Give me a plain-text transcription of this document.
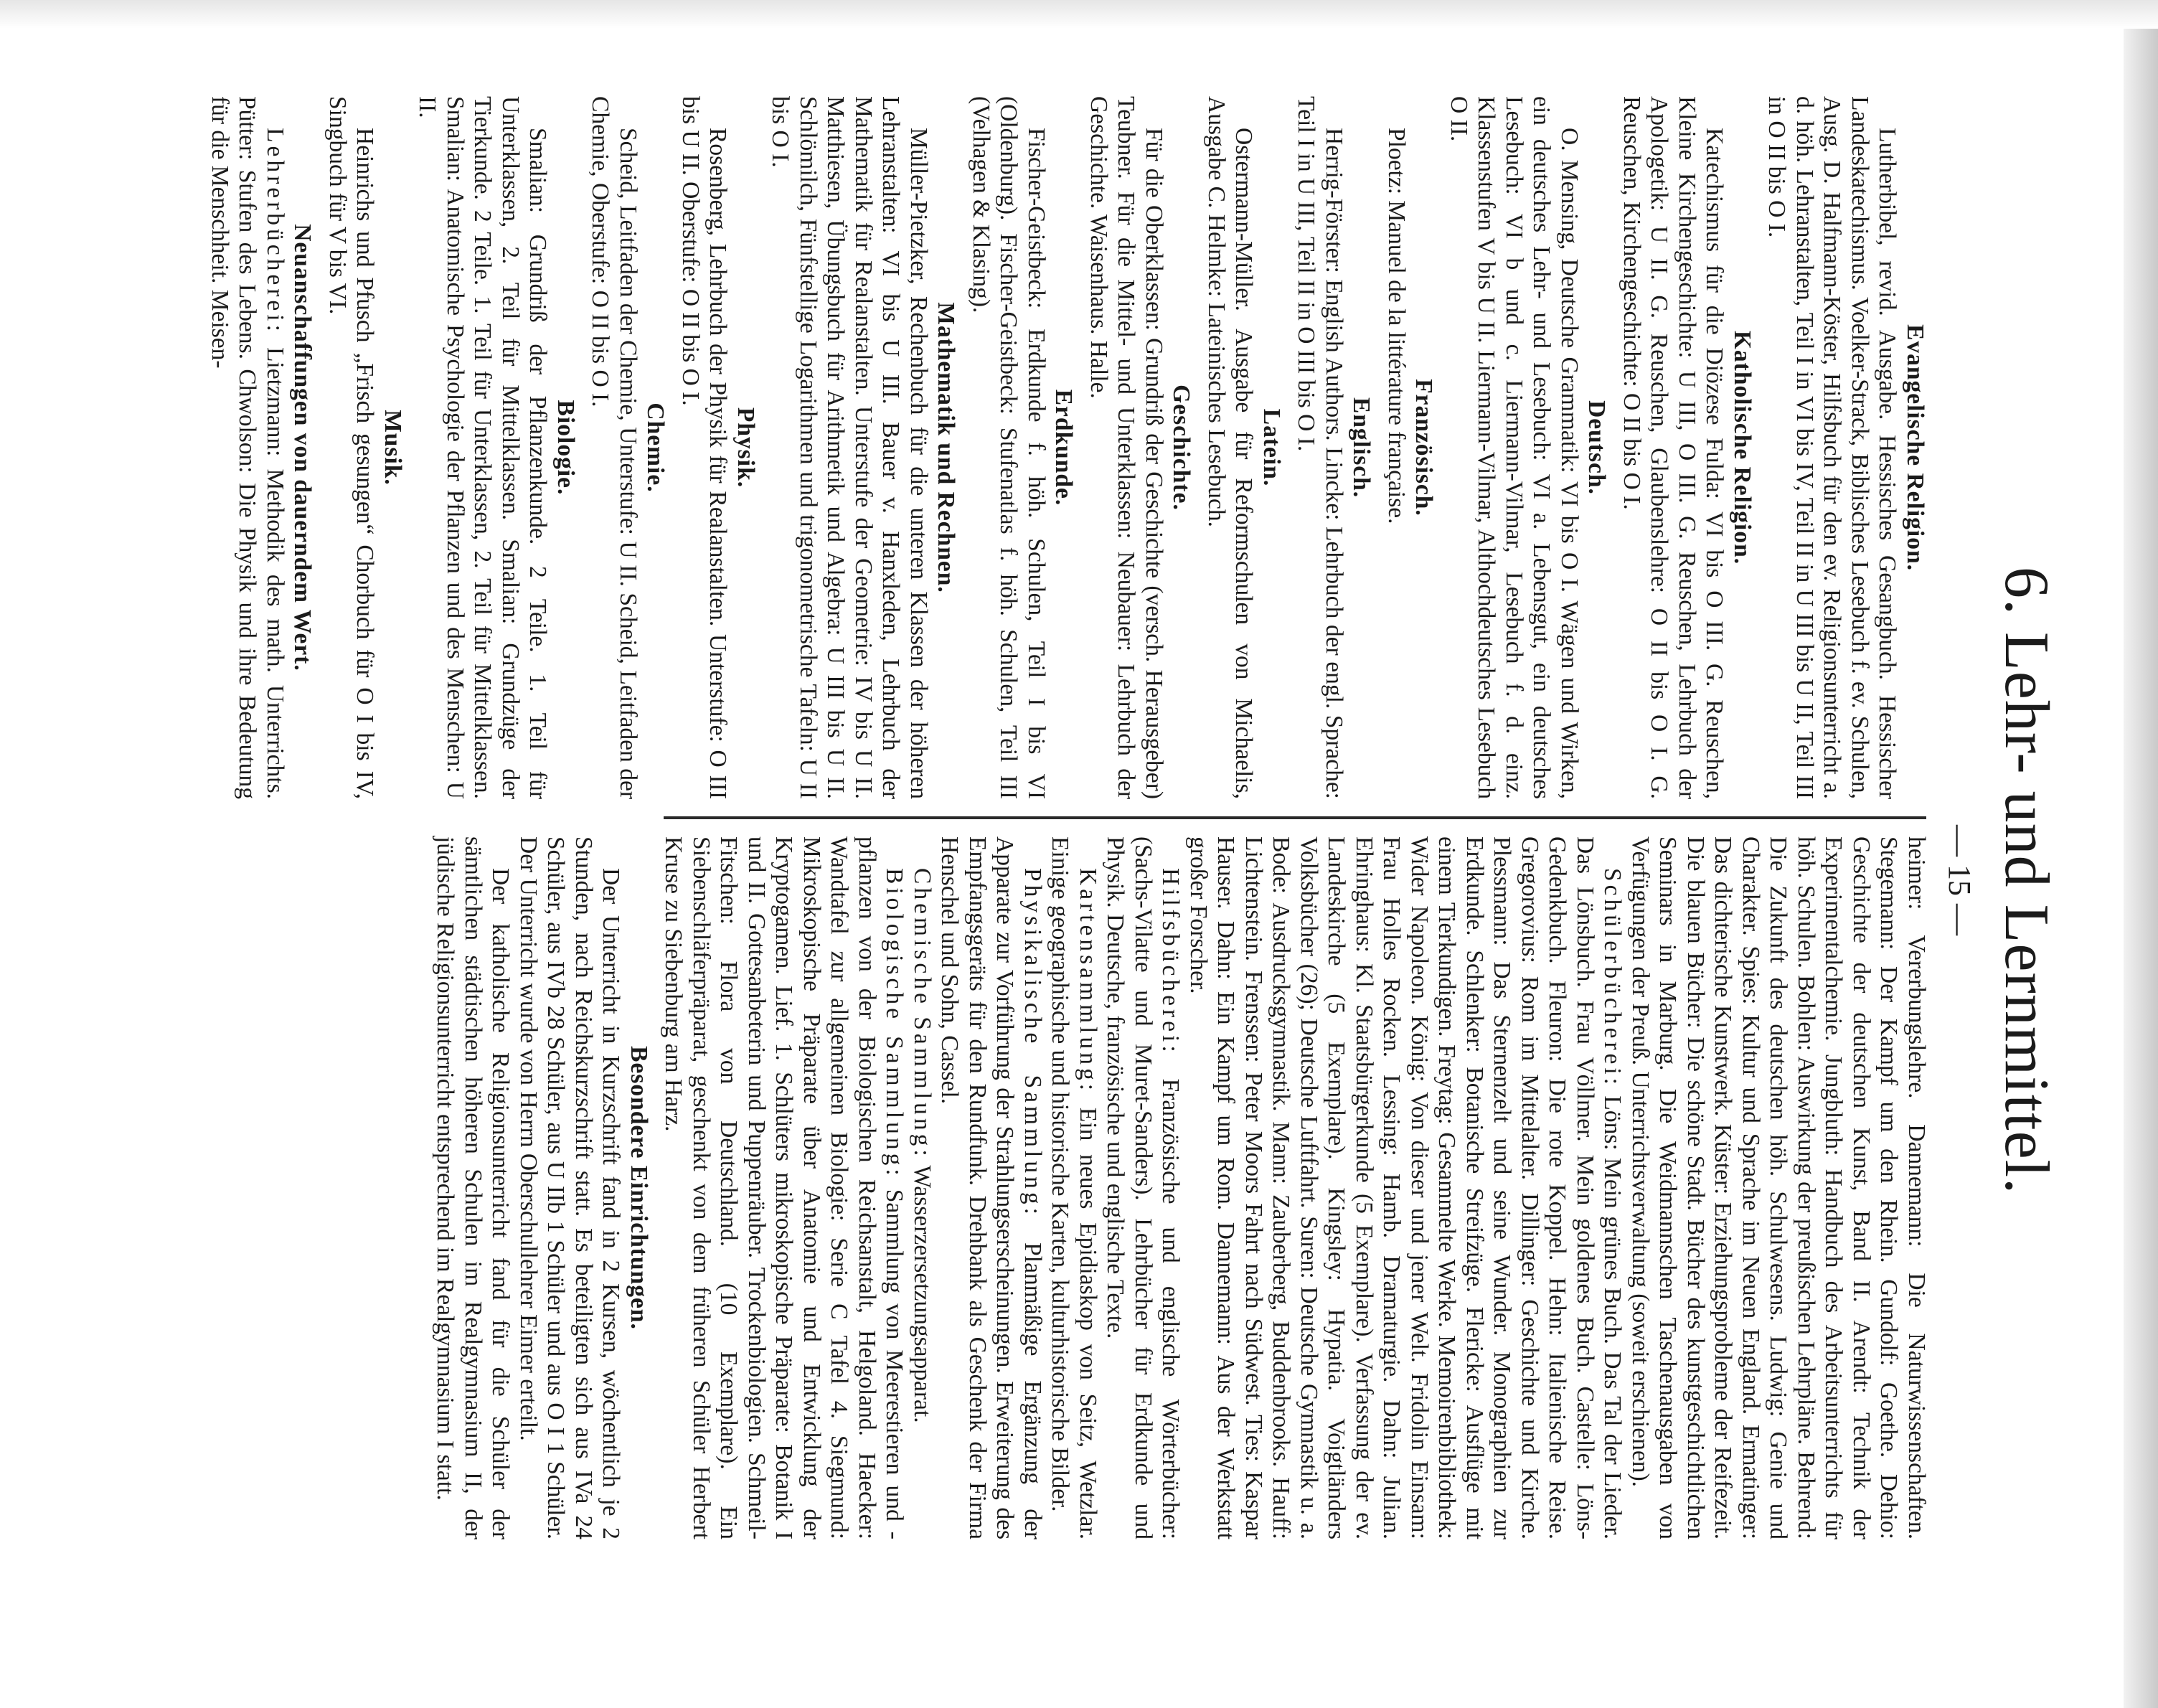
6. Lehr- und Lernmittel.
— 15 —
Evangelische Religion.

Lutherbibel, revid. Ausgabe. Hessisches Gesangbuch. Hessischer Landeskatechismus. Voelker-Strack, Biblisches Lesebuch f. ev. Schulen, Ausg. D. Halfmann-Köster, Hilfsbuch für den ev. Religionsunterricht a. d. höh. Lehranstalten, Teil I in VI bis IV, Teil II in U III bis U II, Teil III in O II bis O I.

Katholische Religion.

Katechismus für die Diözese Fulda: VI bis O III. G. Reuschen, Kleine Kirchengeschichte: U III, O III. G. Reuschen, Lehrbuch der Apologetik: U II. G. Reuschen, Glaubenslehre: O II bis O I. G. Reuschen, Kirchengeschichte: O II bis O I.

Deutsch.

O. Mensing, Deutsche Grammatik: VI bis O I. Wägen und Wirken, ein deutsches Lehr- und Lesebuch: VI a. Lebensgut, ein deutsches Lesebuch: VI b und c. Liermann-Vilmar, Lesebuch f. d. einz. Klassenstufen V bis U II. Liermann-Vilmar, Althochdeutsches Lesebuch O II.

Französisch.

Ploetz: Manuel de la littérature française.

Englisch.

Herrig-Förster: English Authors. Lincke: Lehrbuch der engl. Sprache: Teil I in U III, Teil II in O III bis O I.

Latein.

Ostermann-Müller. Ausgabe für Reformschulen von Michaelis, Ausgabe C. Helmke: Lateinisches Lesebuch.

Geschichte.

Für die Oberklassen: Grundriß der Geschichte (versch. Herausgeber) Teubner. Für die Mittel- und Unterklassen: Neubauer: Lehrbuch der Geschichte. Waisenhaus. Halle.

Erdkunde.

Fischer-Geistbeck: Erdkunde f. höh. Schulen, Teil I bis VI (Oldenburg). Fischer-Geistbeck: Stufenatlas f. höh. Schulen, Teil III (Velhagen & Klasing).

Mathematik und Rechnen.

Müller-Pietzker, Rechenbuch für die unteren Klassen der höheren Lehranstalten: VI bis U III. Bauer v. Hanxleden, Lehrbuch der Mathematik für Realanstalten. Unterstufe der Geometrie: IV bis U II. Matthiesen, Übungsbuch für Arithmetik und Algebra: U III bis U II. Schlömilch, Fünfstellige Logarithmen und trigonometrische Tafeln: U II bis O I.

Physik.

Rosenberg, Lehrbuch der Physik für Realanstalten. Unterstufe: O III bis U II. Oberstufe: O II bis O I.

Chemie.

Scheid, Leitfaden der Chemie, Unterstufe: U II. Scheid, Leitfaden der Chemie, Oberstufe: O II bis O I.

Biologie.

Smalian: Grundriß der Pflanzenkunde. 2 Teile. 1. Teil für Unterklassen, 2. Teil für Mittelklassen. Smalian: Grundzüge der Tierkunde. 2 Teile. 1. Teil für Unterklassen, 2. Teil für Mittelklassen. Smalian: Anatomische Psychologie der Pflanzen und des Menschen: U II.

Musik.

Heinrichs und Pfusch „Frisch gesungen“ Chorbuch für O I bis IV, Singbuch für V bis VI.

Neuanschaffungen von dauerndem Wert.

Lehrerbücherei: Lietzmann: Methodik des math. Unterrichts. Pütter: Stufen des Lebens. Chwolson: Die Physik und ihre Bedeutung für die Menschheit. Meisen-

heimer: Vererbungslehre. Dannemann: Die Naturwissenschaften. Stegemann: Der Kampf um den Rhein. Gundolf: Goethe. Dehio: Geschichte der deutschen Kunst, Band II. Arendt: Technik der Experimentalchemie. Jungbluth: Handbuch des Arbeitsunterrichts für höh. Schulen. Bohlen: Auswirkung der preußischen Lehrpläne. Behrend: Die Zukunft des deutschen höh. Schulwesens. Ludwig: Genie und Charakter. Spies: Kultur und Sprache im Neuen England. Ermatinger: Das dichterische Kunstwerk. Küster: Erziehungsprobleme der Reifezeit. Die blauen Bücher: Die schöne Stadt. Bücher des kunstgeschichtlichen Seminars in Marburg. Die Weidmannschen Taschenausgaben von Verfügungen der Preuß. Unterrichtsverwaltung (soweit erschienen).

Schülerbücherei: Löns: Mein grünes Buch. Das Tal der Lieder. Das Lönsbuch. Frau Völlmer. Mein goldenes Buch. Castelle: Löns-Gedenkbuch. Fleuron: Die rote Koppel. Hehn: Italienische Reise. Gregorovius: Rom im Mittelalter. Dillinger: Geschichte und Kirche. Plessmann: Das Sternenzelt und seine Wunder. Monographien zur Erdkunde. Schlenker: Botanische Streifzüge. Flericke: Ausflüge mit einem Tierkundigen. Freytag: Gesammelte Werke. Memoirenbibliothek: Wider Napoleon. König: Von dieser und jener Welt. Fridolin Einsam: Frau Holles Rocken. Lessing: Hamb. Dramaturgie. Dahn: Julian. Ehringhaus: Kl. Staatsbürgerkunde (5 Exemplare). Verfassung der ev. Landeskirche (5 Exemplare). Kingsley: Hypatia. Voigtländers Volksbücher (26); Deutsche Luftfahrt. Suren: Deutsche Gymnastik u. a. Bode: Ausdrucksgymnastik. Mann: Zauberberg, Buddenbrooks. Hauff: Lichtenstein. Frenssen: Peter Moors Fahrt nach Südwest. Ties: Kaspar Hauser. Dahn: Ein Kampf um Rom. Dannemann: Aus der Werkstatt großer Forscher.

Hilfsbücherei: Französische und englische Wörterbücher: (Sachs-Vilatte und Muret-Sanders). Lehrbücher für Erdkunde und Physik. Deutsche, französische und englische Texte.

Kartensammlung: Ein neues Epidiaskop von Seitz, Wetzlar. Einige geographische und historische Karten, kulturhistorische Bilder.

Physikalische Sammlung: Planmäßige Ergänzung der Apparate zur Vorführung der Strahlungserscheinungen. Erweiterung des Empfangsgeräts für den Rundfunk. Drehbank als Geschenk der Firma Henschel und Sohn, Cassel.

Chemische Sammlung: Wasserzersetzungsapparat.

Biologische Sammlung: Sammlung von Meerestieren und -pflanzen von der Biologischen Reichsanstalt, Helgoland. Haecker: Wandtafel zur allgemeinen Biologie: Serie C Tafel 4. Siegmund: Mikroskopische Präparate über Anatomie und Entwicklung der Kryptogamen. Lief. 1. Schlüters mikroskopische Präparate: Botanik I und II. Gottesanbeterin und Puppenräuber. Trockenbiologien. Schmeil-Fitschen: Flora von Deutschland. (10 Exemplare). Ein Siebenschläferpräparat, geschenkt von dem früheren Schüler Herbert Kruse zu Siebenburg am Harz.

Besondere Einrichtungen.

Der Unterricht in Kurzschrift fand in 2 Kursen, wöchentlich je 2 Stunden, nach Reichskurzschrift statt. Es beteiligten sich aus IVa 24 Schüler, aus IVb 28 Schüler, aus U IIb 1 Schüler und aus O I 1 Schüler. Der Unterricht wurde von Herrn Oberschullehrer Eimer erteilt.

Der katholische Religionsunterricht fand für die Schüler der sämtlichen städtischen höheren Schulen im Realgymnasium II, der jüdische Religionsunterricht entsprechend im Realgymnasium I statt.
